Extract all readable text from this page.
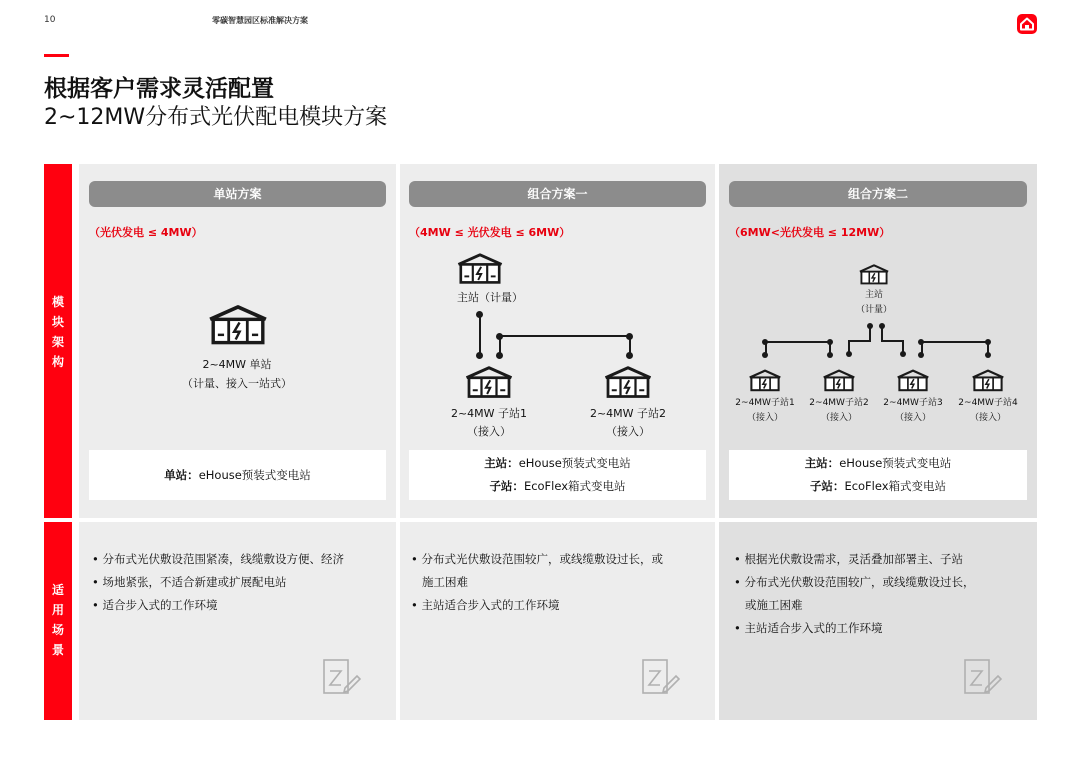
10	零碳智慧园区标准解决方案
根据客户需求灵活配置
2~12MW分布式光伏配电模块方案
模
块
架
构
适
用
场
景
单站方案	组合方案一	组合方案二
（光伏发电 ≤ 4MW）	（4MW ≤ 光伏发电 ≤ 6MW）	（6MW<光伏发电 ≤ 12MW）
2~4MW 单站
（计量、接入一站式）
单站：eHouse预装式变电站
主站（计量）
2~4MW 子站1
（接入）
2~4MW 子站2
（接入）
主站：eHouse预装式变电站
子站：EcoFlex箱式变电站
主站
（计量）
2~4MW子站1
（接入）
2~4MW子站2
（接入）
2~4MW子站3
（接入）
2~4MW子站4
（接入）
主站：eHouse预装式变电站
子站：EcoFlex箱式变电站
• 分布式光伏敷设范围紧凑，线缆敷设方便、经济
• 场地紧张，不适合新建或扩展配电站
• 适合步入式的工作环境
• 分布式光伏敷设范围较广，或线缆敷设过长，或
施工困难
• 主站适合步入式的工作环境
• 根据光伏敷设需求，灵活叠加部署主、子站
• 分布式光伏敷设范围较广，或线缆敷设过长，
或施工困难
• 主站适合步入式的工作环境
